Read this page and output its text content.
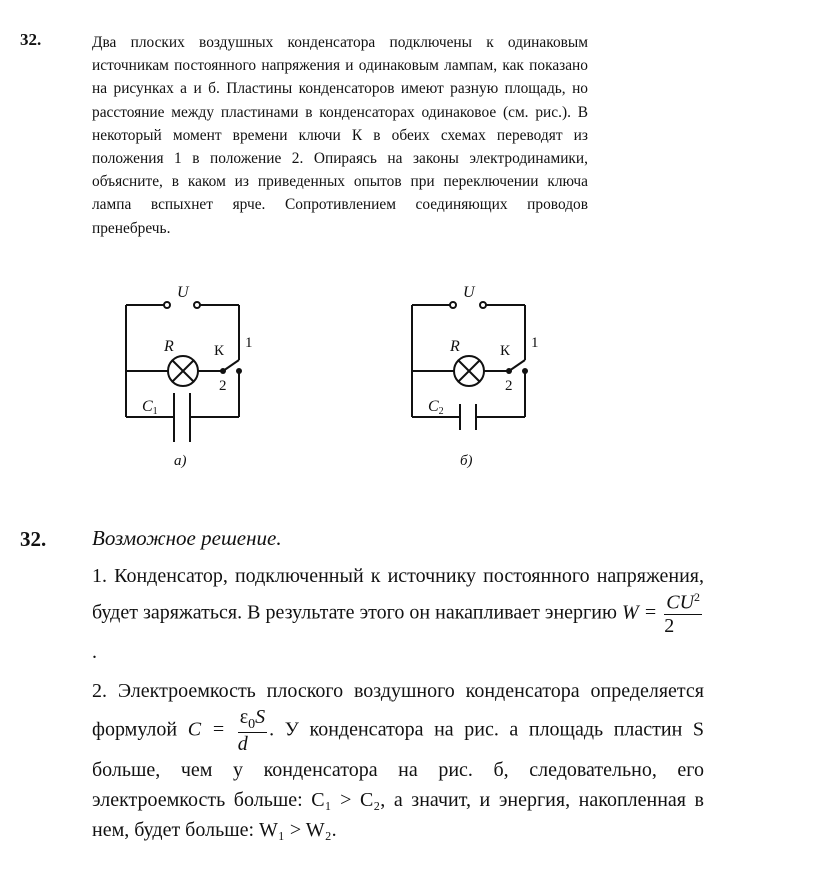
32.	Два плоских воздушных конденсатора подключены к одинаковым источникам постоянного напряжения и одинаковым лампам, как показано на рисунках а и б. Пластины конденсаторов имеют разную площадь, но расстояние между пластинами в конденсаторах одинаковое (см. рис.). В некоторый момент времени ключи К в обеих схемах переводят из положения 1 в положение 2. Опираясь на законы электродинамики, объясните, в каком из приведенных опытов при переключении ключа лампа вспыхнет ярче. Сопротивлением соединяющих проводов пренебречь.

U
R	К 1
2
C1
а)
U
R	К 1
2
C2
б)
32. Возможное решение.

1. Конденсатор, подключенный к источнику постоянного напряжения, будет заряжаться. В результате этого он накапливает энергию $W = \frac{CU^2}{2}$
.

2. Электроемкость плоского воздушного конденсатора определяется формулой $C = \frac{\varepsilon_0S}{d}$ . У конденсатора на рис. а площадь пластин S больше, чем у конденсатора на рис. б, следовательно, его электроемкость больше: C₁ > C₂, а значит, и энергия, накопленная в нем, будет больше: W₁ > W₂.
